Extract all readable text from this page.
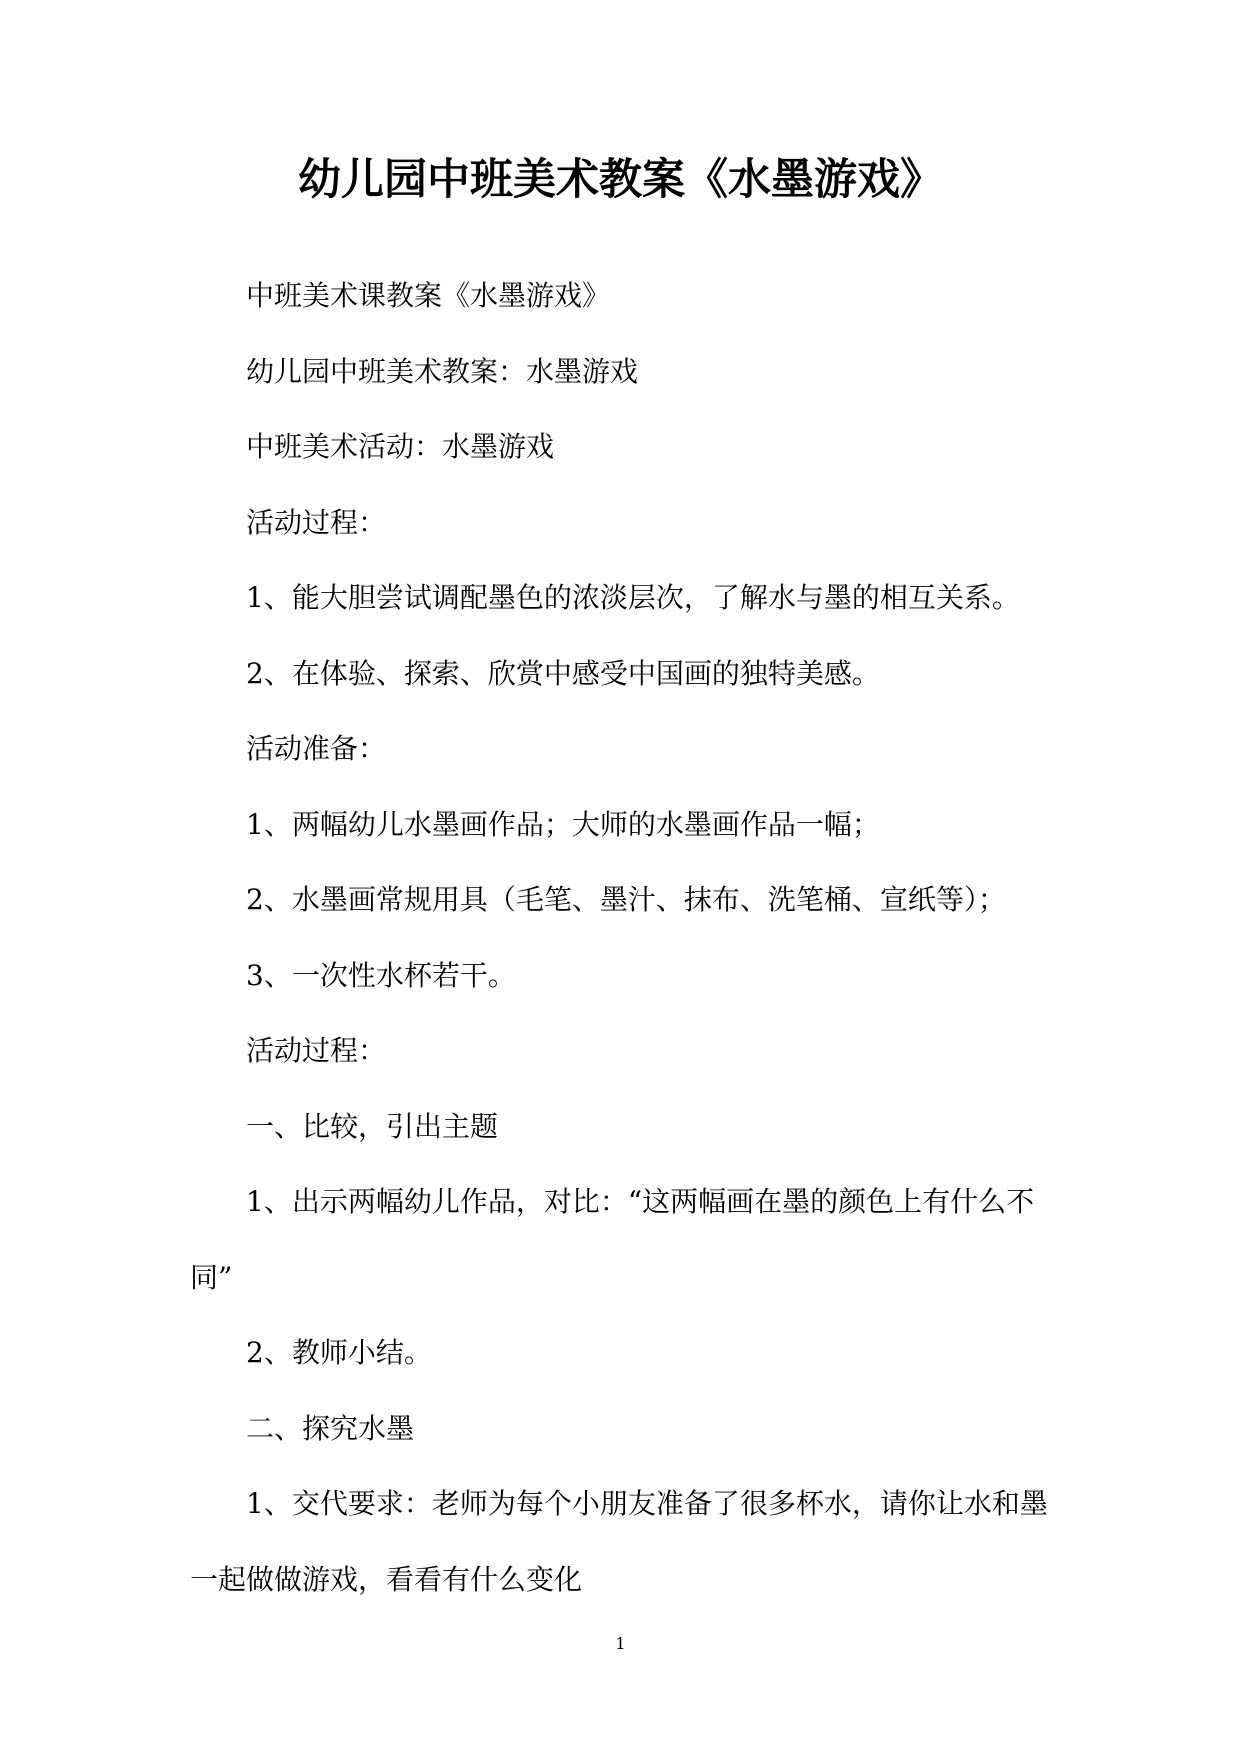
幼儿园中班美术教案《水墨游戏》

中班美术课教案《水墨游戏》

幼儿园中班美术教案：水墨游戏

中班美术活动：水墨游戏

活动过程：

1、能大胆尝试调配墨色的浓淡层次，了解水与墨的相互关系。

2、在体验、探索、欣赏中感受中国画的独特美感。

活动准备：

1、两幅幼儿水墨画作品；大师的水墨画作品一幅；

2、水墨画常规用具（毛笔、墨汁、抹布、洗笔桶、宣纸等）；

3、一次性水杯若干。

活动过程：

一、比较，引出主题

1、出示两幅幼儿作品，对比：“这两幅画在墨的颜色上有什么不同”

2、教师小结。

二、探究水墨

1、交代要求：老师为每个小朋友准备了很多杯水，请你让水和墨一起做做游戏，看看有什么变化

1
